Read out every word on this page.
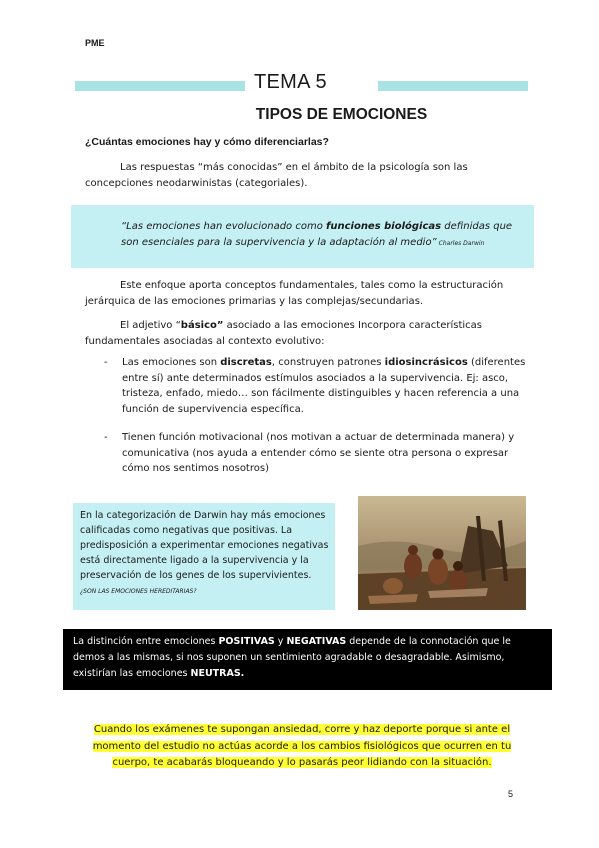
PME
TEMA 5
TIPOS DE EMOCIONES
¿Cuántas emociones hay y cómo diferenciarlas?
Las respuestas “más conocidas” en el ámbito de la psicología son las concepciones neodarwinistas (categoriales).
“Las emociones han evolucionado como funciones biológicas definidas que son esenciales para la supervivencia y la adaptación al medio” Charles Darwin
Este enfoque aporta conceptos fundamentales, tales como la estructuración jerárquica de las emociones primarias y las complejas/secundarias.
El adjetivo “básico” asociado a las emociones Incorpora características fundamentales asociadas al contexto evolutivo:
- Las emociones son discretas, construyen patrones idiosincrásicos (diferentes entre sí) ante determinados estímulos asociados a la supervivencia. Ej: asco, tristeza, enfado, miedo… son fácilmente distinguibles y hacen referencia a una función de supervivencia específica.
- Tienen función motivacional (nos motivan a actuar de determinada manera) y comunicativa (nos ayuda a entender cómo se siente otra persona o expresar cómo nos sentimos nosotros)
En la categorización de Darwin hay más emociones calificadas como negativas que positivas. La predisposición a experimentar emociones negativas está directamente ligado a la supervivencia y la preservación de los genes de los supervivientes. ¿SON LAS EMOCIONES HEREDITARIAS?
La distinción entre emociones POSITIVAS y NEGATIVAS depende de la connotación que le demos a las mismas, si nos suponen un sentimiento agradable o desagradable. Asimismo, existirían las emociones NEUTRAS.
Cuando los exámenes te supongan ansiedad, corre y haz deporte porque si ante el momento del estudio no actúas acorde a los cambios fisiológicos que ocurren en tu cuerpo, te acabarás bloqueando y lo pasarás peor lidiando con la situación.
5
